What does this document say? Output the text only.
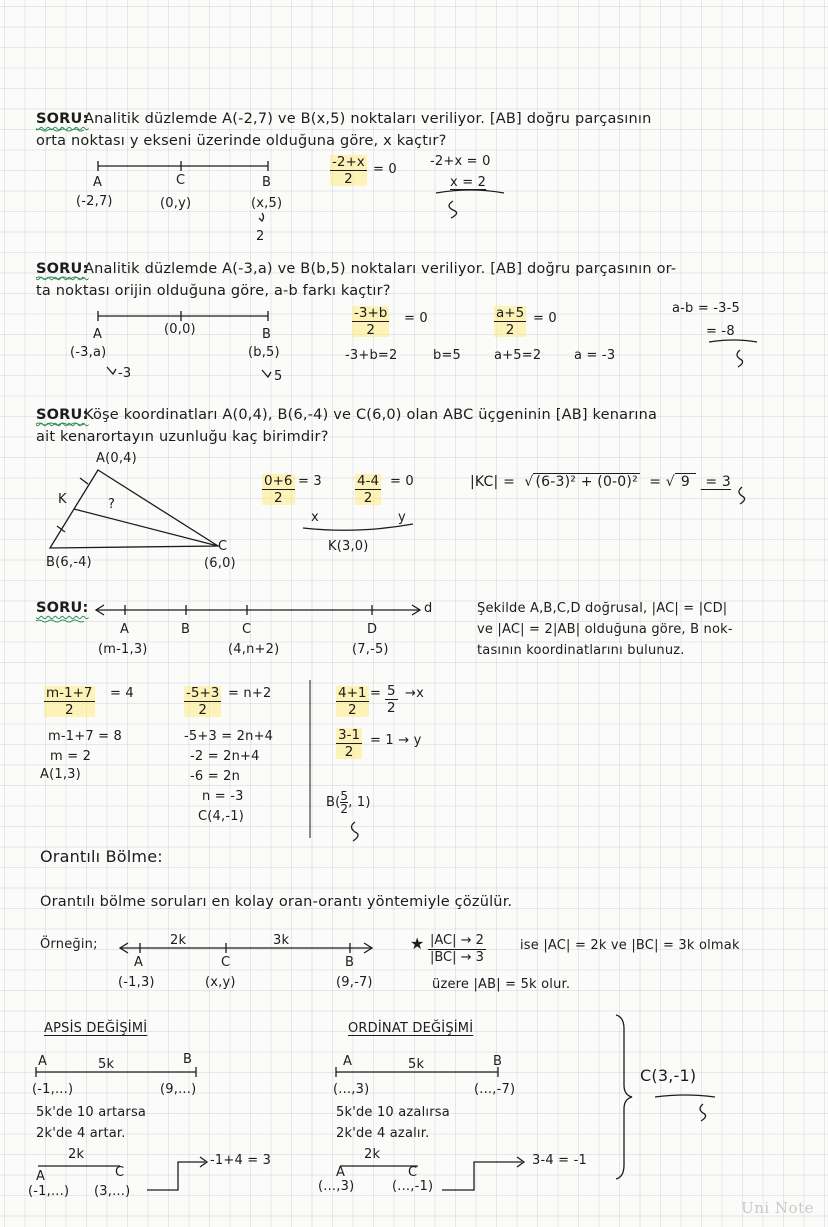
SORU:
Analitik düzlemde A(-2,7) ve B(x,5) noktaları veriliyor. [AB] doğru parçasının
orta noktası y ekseni üzerinde olduğuna göre, x kaçtır?
A	C	B
(-2,7)	(0,y)	(x,5)
2
$\frac{-2+x}{2} = 0$
-2+x = 0
x = 2
SORU:
Analitik düzlemde A(-3,a) ve B(b,5) noktaları veriliyor. [AB] doğru parçasının or-
ta noktası orijin olduğuna göre, a-b farkı kaçtır?
A	(0,0)	B
(-3,a)	(b,5)
-3	5
$\frac{-3+b}{2} = 0$	$\frac{a+5}{2} = 0$
-3+b=2	b=5	a+5=2	a = -3
a-b = -3-5
= -8
SORU:
Köşe koordinatları A(0,4), B(6,-4) ve C(6,0) olan ABC üçgeninin [AB] kenarına
ait kenarortayın uzunluğu kaç birimdir?
A(0,4)
K	?
B(6,-4)
C
(6,0)
$\frac{0+6}{2} = 3 \frac{4-4}{2} = 0$
x	y
K(3,0)
|KC| =  √ (6-3)² + (0-0)² = √ 9 = 3
SORU:	d
A	B	C	D
(m-1,3)	(4,n+2)	(7,-5)
Şekilde A,B,C,D doğrusal, |AC| = |CD|
ve |AC| = 2|AB| olduğuna göre, B nok-
tasının koordinatlarını bulunuz.
$\frac{m-1+7}{2} = 4$
m-1+7 = 8
m = 2
A(1,3)
$\frac{-5+3}{2} = n+2$
-5+3 = 2n+4
-2 = 2n+4
-6 = 2n
n = -3
C(4,-1)
$\frac{4+1}{2} = \frac{5}{2} \to x$
$\frac{3-1}{2} = 1 \to y$
B( 5
2 , 1)
Orantılı Bölme:
Orantılı bölme soruları en kolay oran-orantı yöntemiyle çözülür.
Örneğin;	2k	3k
A	C	B
(-1,3)	(x,y)	(9,-7)
★ $\frac{|AC| \to 2}{|BC| \to 3}$	ise |AC| = 2k ve |BC| = 3k olmak
üzere |AB| = 5k olur.
APSİS DEĞİŞİMİ
A	5k	B
(-1,...)	(9,...)
5k'de 10 artarsa
2k'de 4 artar.
2k
A	C
(-1,...) (3,...)
-1+4 = 3
ORDİNAT DEĞİŞİMİ
A	5k	B
(...,3)	(...,-7)
5k'de 10 azalırsa
2k'de 4 azalır.
2k
A	C
(...,3)	(...,-1)
3-4 = -1
C(3,-1)
Uni Note
